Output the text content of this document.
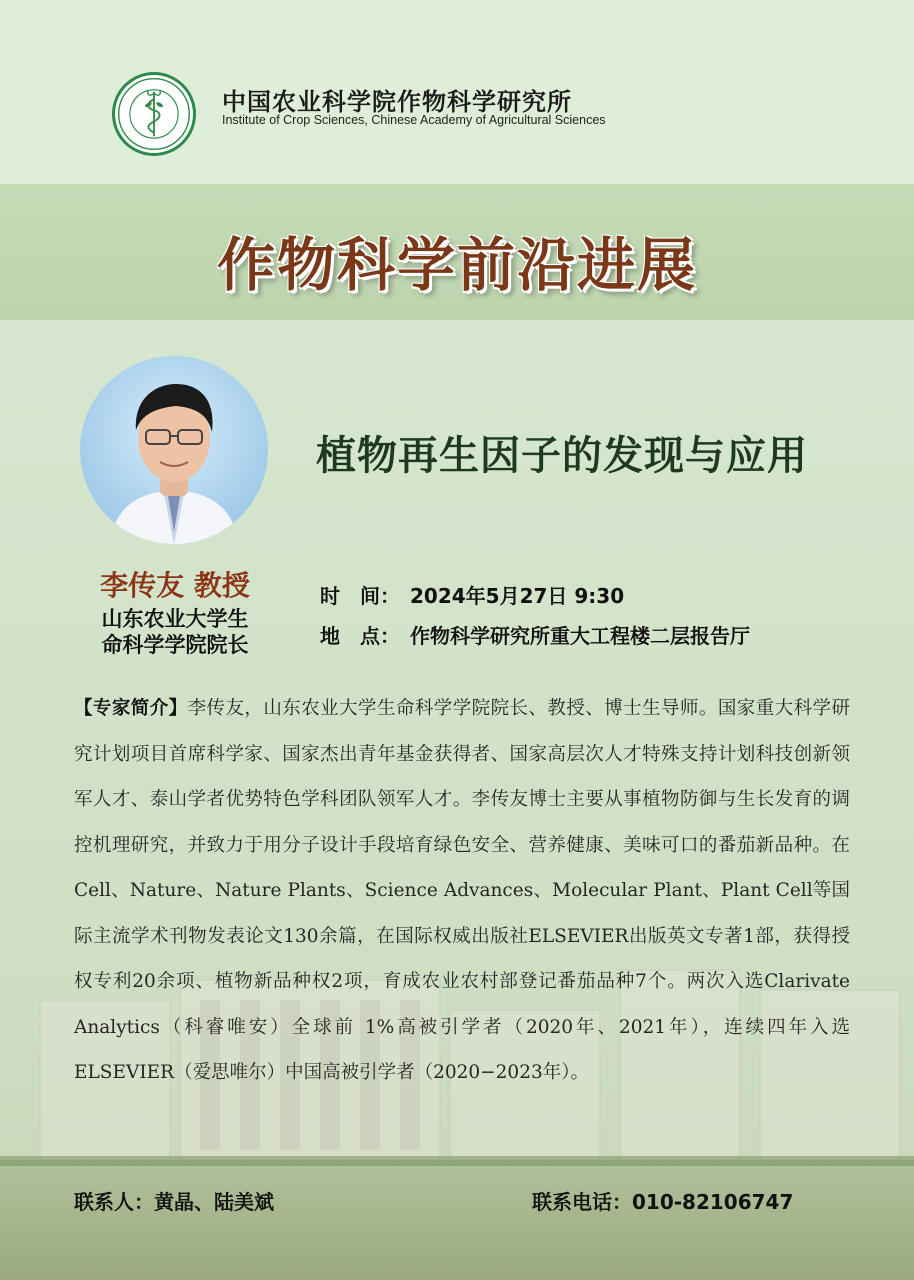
中国农业科学院作物科学研究所
Institute of Crop Sciences, Chinese Academy of Agricultural Sciences
作物科学前沿进展
植物再生因子的发现与应用
李传友 教授
山东农业大学生
命科学学院院长
时　间： 2024年5月27日 9:30
地　点： 作物科学研究所重大工程楼二层报告厅
【专家简介】李传友，山东农业大学生命科学学院院长、教授、博士生导师。国家重大科学研究计划项目首席科学家、国家杰出青年基金获得者、国家高层次人才特殊支持计划科技创新领军人才、泰山学者优势特色学科团队领军人才。李传友博士主要从事植物防御与生长发育的调控机理研究，并致力于用分子设计手段培育绿色安全、营养健康、美味可口的番茄新品种。在Cell、Nature、Nature Plants、Science Advances、Molecular Plant、Plant Cell等国际主流学术刊物发表论文130余篇，在国际权威出版社ELSEVIER出版英文专著1部，获得授权专利20余项、植物新品种权2项，育成农业农村部登记番茄品种7个。两次入选Clarivate Analytics（科睿唯安）全球前 1%高被引学者（2020年、2021年），连续四年入选ELSEVIER（爱思唯尔）中国高被引学者（2020−2023年）。
联系人：黄晶、陆美斌	联系电话：010-82106747
